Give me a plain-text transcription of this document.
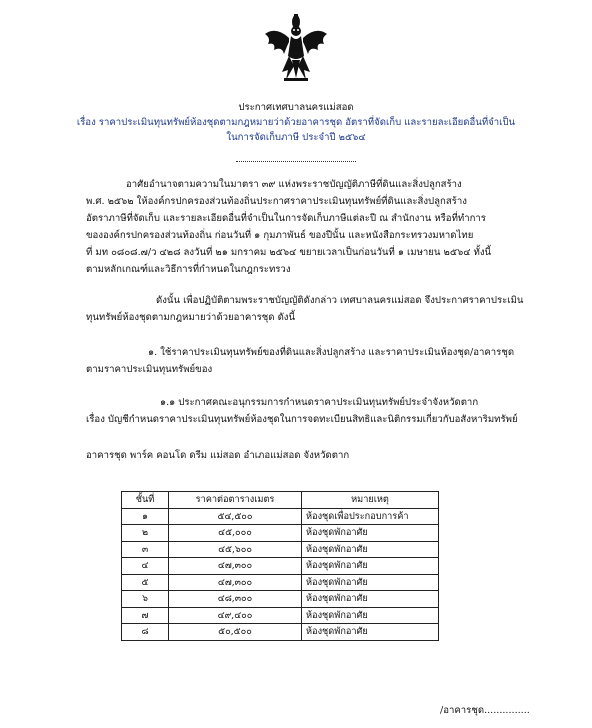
ประกาศเทศบาลนครแม่สอด
เรื่อง ราคาประเมินทุนทรัพย์ห้องชุดตามกฎหมายว่าด้วยอาคารชุด อัตราที่จัดเก็บ และรายละเอียดอื่นที่จำเป็น
ในการจัดเก็บภาษี ประจำปี ๒๕๖๔
อาศัยอำนาจตามความในมาตรา ๓๙ แห่งพระราชบัญญัติภาษีที่ดินและสิ่งปลูกสร้าง
พ.ศ. ๒๕๖๒ ให้องค์กรปกครองส่วนท้องถิ่นประกาศราคาประเมินทุนทรัพย์ที่ดินและสิ่งปลูกสร้าง
อัตราภาษีที่จัดเก็บ และรายละเอียดอื่นที่จำเป็นในการจัดเก็บภาษีแต่ละปี ณ สำนักงาน หรือที่ทำการ
ขององค์กรปกครองส่วนท้องถิ่น ก่อนวันที่ ๑ กุมภาพันธ์ ของปีนั้น และหนังสือกระทรวงมหาดไทย
ที่ มท ๐๘๐๘.๗/ว ๔๒๘ ลงวันที่ ๒๑ มกราคม ๒๕๖๔ ขยายเวลาเป็นก่อนวันที่ ๑ เมษายน ๒๕๖๔ ทั้งนี้
ตามหลักเกณฑ์และวิธีการที่กำหนดในกฎกระทรวง
ดังนั้น เพื่อปฏิบัติตามพระราชบัญญัติดังกล่าว เทศบาลนครแม่สอด จึงประกาศราคาประเมิน
ทุนทรัพย์ห้องชุดตามกฎหมายว่าด้วยอาคารชุด ดังนี้
๑. ใช้ราคาประเมินทุนทรัพย์ของที่ดินและสิ่งปลูกสร้าง และราคาประเมินห้องชุด/อาคารชุด
ตามราคาประเมินทุนทรัพย์ของ
๑.๑ ประกาศคณะอนุกรรมการกำหนดราคาประเมินทุนทรัพย์ประจำจังหวัดตาก
เรื่อง บัญชีกำหนดราคาประเมินทุนทรัพย์ห้องชุดในการจดทะเบียนสิทธิและนิติกรรมเกี่ยวกับอสังหาริมทรัพย์
อาคารชุด พาร์ค คอนโด ดรีม แม่สอด อำเภอแม่สอด จังหวัดตาก
ชั้นที่	ราคาต่อตารางเมตร	หมายเหตุ
๑	๕๔,๕๐๐	ห้องชุดเพื่อประกอบการค้า
๒	๔๕,๐๐๐	ห้องชุดพักอาศัย
๓	๔๕,๖๐๐	ห้องชุดพักอาศัย
๔	๔๗,๓๐๐	ห้องชุดพักอาศัย
๕	๔๗,๓๐๐	ห้องชุดพักอาศัย
๖	๔๘,๓๐๐	ห้องชุดพักอาศัย
๗	๔๙,๔๐๐	ห้องชุดพักอาศัย
๘	๕๐,๕๐๐	ห้องชุดพักอาศัย
/อาคารชุด...............
